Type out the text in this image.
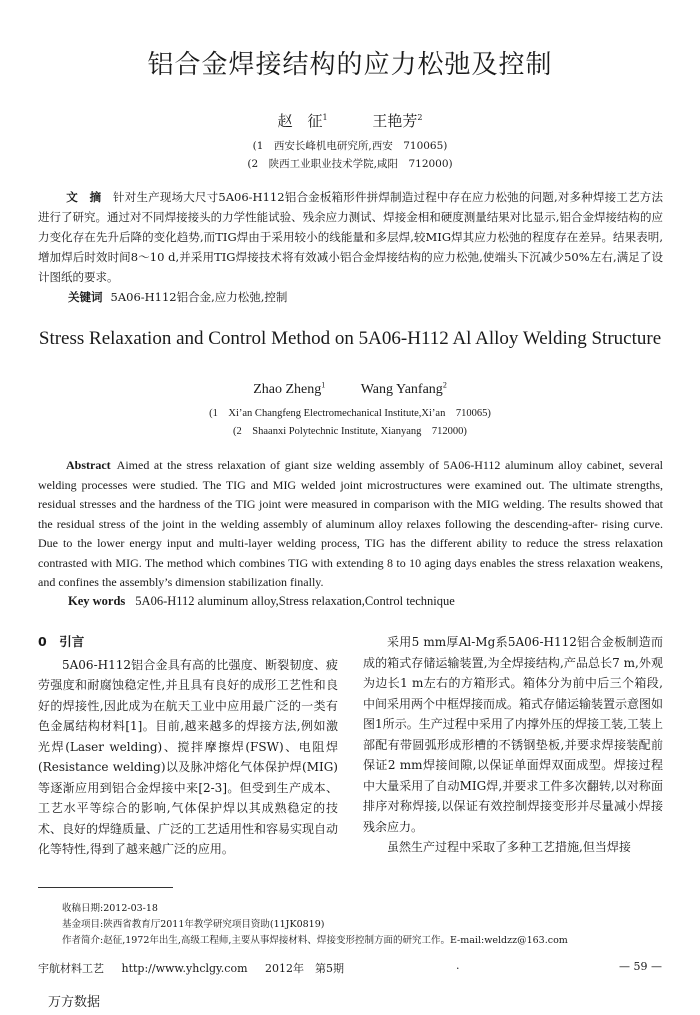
铝合金焊接结构的应力松弛及控制
赵　征$^1$	王艳芳$^2$
(1　西安长峰机电研究所,西安　710065)
(2　陕西工业职业技术学院,咸阳　712000)
文　摘　 针对生产现场大尺寸5A06-H112铝合金板箱形件拼焊制造过程中存在应力松弛的问题,对多种焊接工艺方法进行了研究。通过对不同焊接接头的力学性能试验、残余应力测试、焊接金相和硬度测量结果对比显示,铝合金焊接结构的应力变化存在先升后降的变化趋势,而TIG焊由于采用较小的线能量和多层焊,较MIG焊其应力松弛的程度存在差异。结果表明,增加焊后时效时间8～10 d,并采用TIG焊接技术将有效减小铝合金焊接结构的应力松弛,使端头下沉减少50%左右,满足了设计图纸的要求。
关键词 5A06-H112铝合金,应力松弛,控制
Stress Relaxation and Control Method on 5A06-H112 Al Alloy Welding Structure
Zhao Zheng$^1$	Wang Yanfang$^2$
(1　Xi’an Changfeng Electromechanical Institute,Xi’an　710065)
(2　Shaanxi Polytechnic Institute, Xianyang　712000)
Abstract Aimed at the stress relaxation of giant size welding assembly of 5A06-H112 aluminum alloy cabinet, several welding processes were studied. The TIG and MIG welded joint microstructures were examined out. The ultimate strengths, residual stresses and the hardness of the TIG joint were measured in comparison with the MIG welding. The results showed that the residual stress of the joint in the welding assembly of aluminum alloy relaxes following the descending-after- rising curve. Due to the lower energy input and multi-layer welding process, TIG has the different ability to reduce the stress relaxation contrasted with MIG. The method which combines TIG with extending 8 to 10 aging days enables the stress relaxation weakens, and confines the assembly’s dimension stabilization finally.
Key words 5A06-H112 aluminum alloy,Stress relaxation,Control technique
0　引言

5A06-H112铝合金具有高的比强度、断裂韧度、疲劳强度和耐腐蚀稳定性,并且具有良好的成形工艺性和良好的焊接性,因此成为在航天工业中应用最广泛的一类有色金属结构材料[1]。目前,越来越多的焊接方法,例如激光焊(Laser welding)、搅拌摩擦焊(FSW)、电阻焊(Resistance welding)以及脉冲熔化气体保护焊(MIG)等逐渐应用到铝合金焊接中来[2-3]。但受到生产成本、工艺水平等综合的影响,气体保护焊以其成熟稳定的技术、良好的焊缝质量、广泛的工艺适用性和容易实现自动化等特性,得到了越来越广泛的应用。

采用5 mm厚Al-Mg系5A06-H112铝合金板制造而成的箱式存储运输装置,为全焊接结构,产品总长7 m,外观为边长1 m左右的方箱形式。箱体分为前中后三个箱段,中间采用两个中框焊接而成。箱式存储运输装置示意图如图1所示。生产过程中采用了内撑外压的焊接工装,工装上部配有带圆弧形成形槽的不锈钢垫板,并要求焊接装配前保证2 mm焊接间隙,以保证单面焊双面成型。焊接过程中大量采用了自动MIG焊,并要求工件多次翻转,以对称面排序对称焊接,以保证有效控制焊接变形并尽量减小焊接残余应力。

虽然生产过程中采取了多种工艺措施,但当焊接

收稿日期:2012-03-18
基金项目:陕西省教育厅2011年教学研究项目资助(11JK0819)
作者简介:赵征,1972年出生,高级工程师,主要从事焊接材料、焊接变形控制方面的研究工作。E-mail:weldzz@163.com
宇航材料工艺 http://www.yhclgy.com 2012年　第5期	·	— 59 —
万方数据
